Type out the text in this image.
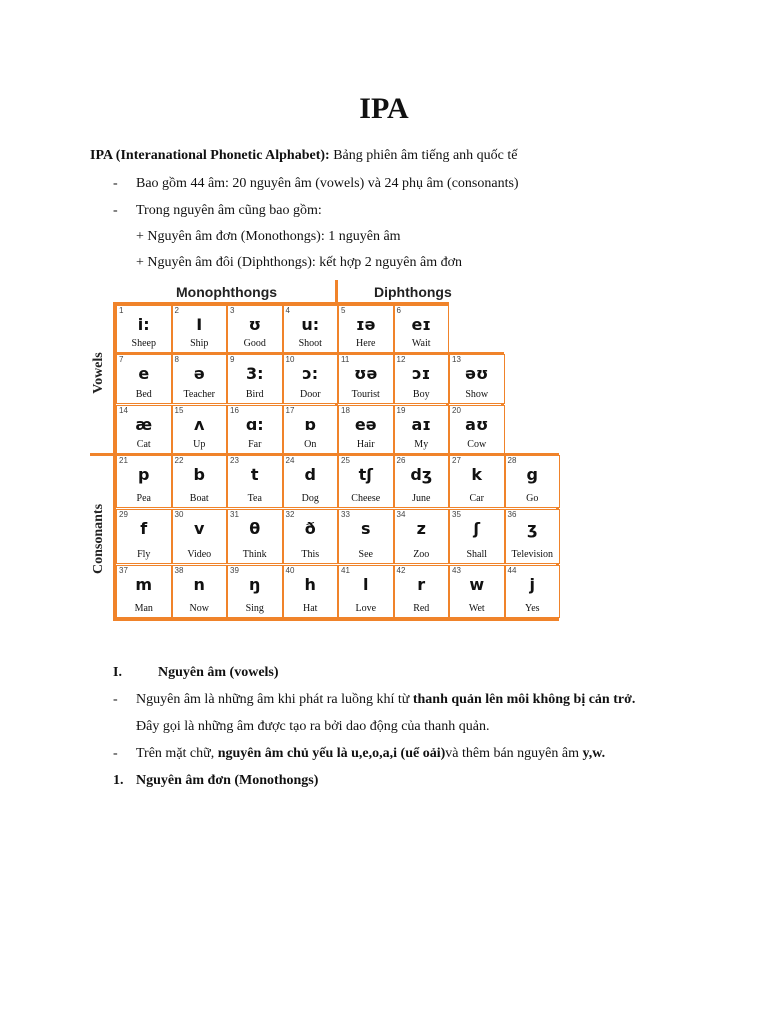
IPA
IPA (Interanational Phonetic Alphabet): Bảng phiên âm tiếng anh quốc tế
- Bao gồm 44 âm: 20 nguyên âm (vowels) và 24 phụ âm (consonants)
- Trong nguyên âm cũng bao gồm:
+ Nguyên âm đơn (Monothongs): 1 nguyên âm
+ Nguyên âm đôi (Diphthongs): kết hợp 2 nguyên âm đơn
Monophthongs	Diphthongs
Vowels
Consonants
1
i:
Sheep
2
I
Ship
3
ʊ
Good
4
u:
Shoot
5
ɪə
Here
6
eɪ
Wait
7
e
Bed
8
ə
Teacher
9
3:
Bird
10
ɔ:
Door
11
ʊə
Tourist
12
ɔɪ
Boy
13
əʊ
Show
14
æ
Cat
15
ʌ
Up
16
ɑ:
Far
17
ɒ
On
18
eə
Hair
19
aɪ
My
20
aʊ
Cow
21
p
Pea
22
b
Boat
23
t
Tea
24
d
Dog
25
tʃ
Cheese
26
dʒ
June
27
k
Car
28
g
Go
29
f
Fly
30
v
Video
31
θ
Think
32
ð
This
33
s
See
34
z
Zoo
35
ʃ
Shall
36
ʒ
Television
37
m
Man
38
n
Now
39
ŋ
Sing
40
h
Hat
41
l
Love
42
r
Red
43
w
Wet
44
j
Yes
I.	Nguyên âm (vowels)
- Nguyên âm là những âm khi phát ra luồng khí từ thanh quản lên môi không bị cản trở.
Đây gọi là những âm được tạo ra bởi dao động của thanh quản.
- Trên mặt chữ, nguyên âm chủ yếu là u,e,o,a,i (uể oải)và thêm bán nguyên âm y,w.
1. Nguyên âm đơn (Monothongs)
